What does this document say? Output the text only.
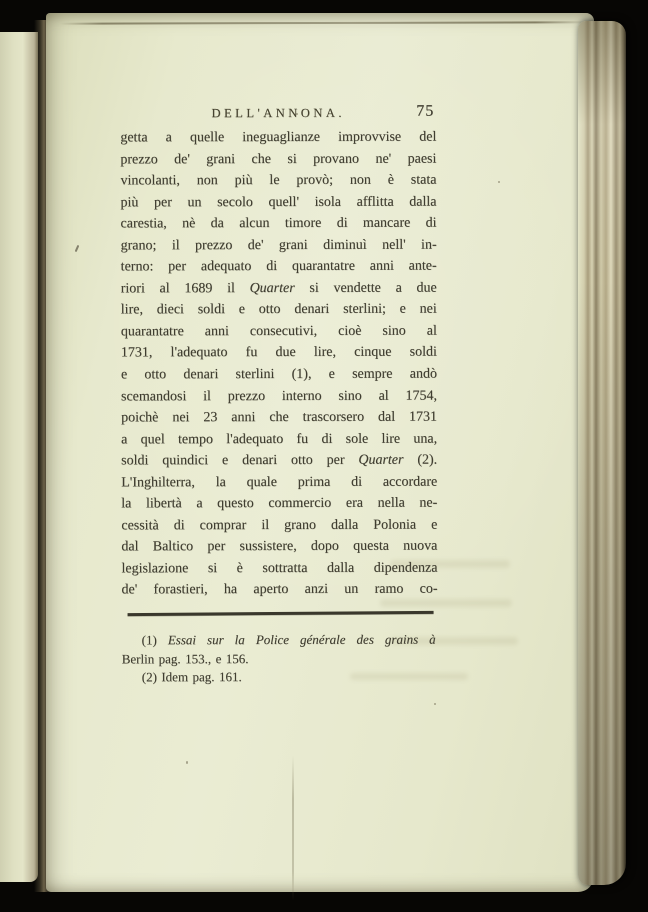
DELL'ANNONA.	75
getta a quelle ineguaglianze improvvise del
prezzo de' grani che si provano ne' paesi
vincolanti, non più le provò; non è stata
più per un secolo quell' isola afflitta dalla
carestia, nè da alcun timore di mancare di
grano; il prezzo de' grani diminuì nell' in-
terno: per adequato di quarantatre anni ante-
riori al 1689 il Quarter si vendette a due
lire, dieci soldi e otto denari sterlini; e nei
quarantatre anni consecutivi, cioè sino al
1731, l'adequato fu due lire, cinque soldi
e otto denari sterlini (1), e sempre andò
scemandosi il prezzo interno sino al 1754,
poichè nei 23 anni che trascorsero dal 1731
a quel tempo l'adequato fu di sole lire una,
soldi quindici e denari otto per Quarter (2).
L'Inghilterra, la quale prima di accordare
la libertà a questo commercio era nella ne-
cessità di comprar il grano dalla Polonia e
dal Baltico per sussistere, dopo questa nuova
legislazione si è sottratta dalla dipendenza
de' forastieri, ha aperto anzi un ramo co-
(1) Essai sur la Police générale des grains à
Berlin pag. 153., e 156.
(2) Idem pag. 161.
